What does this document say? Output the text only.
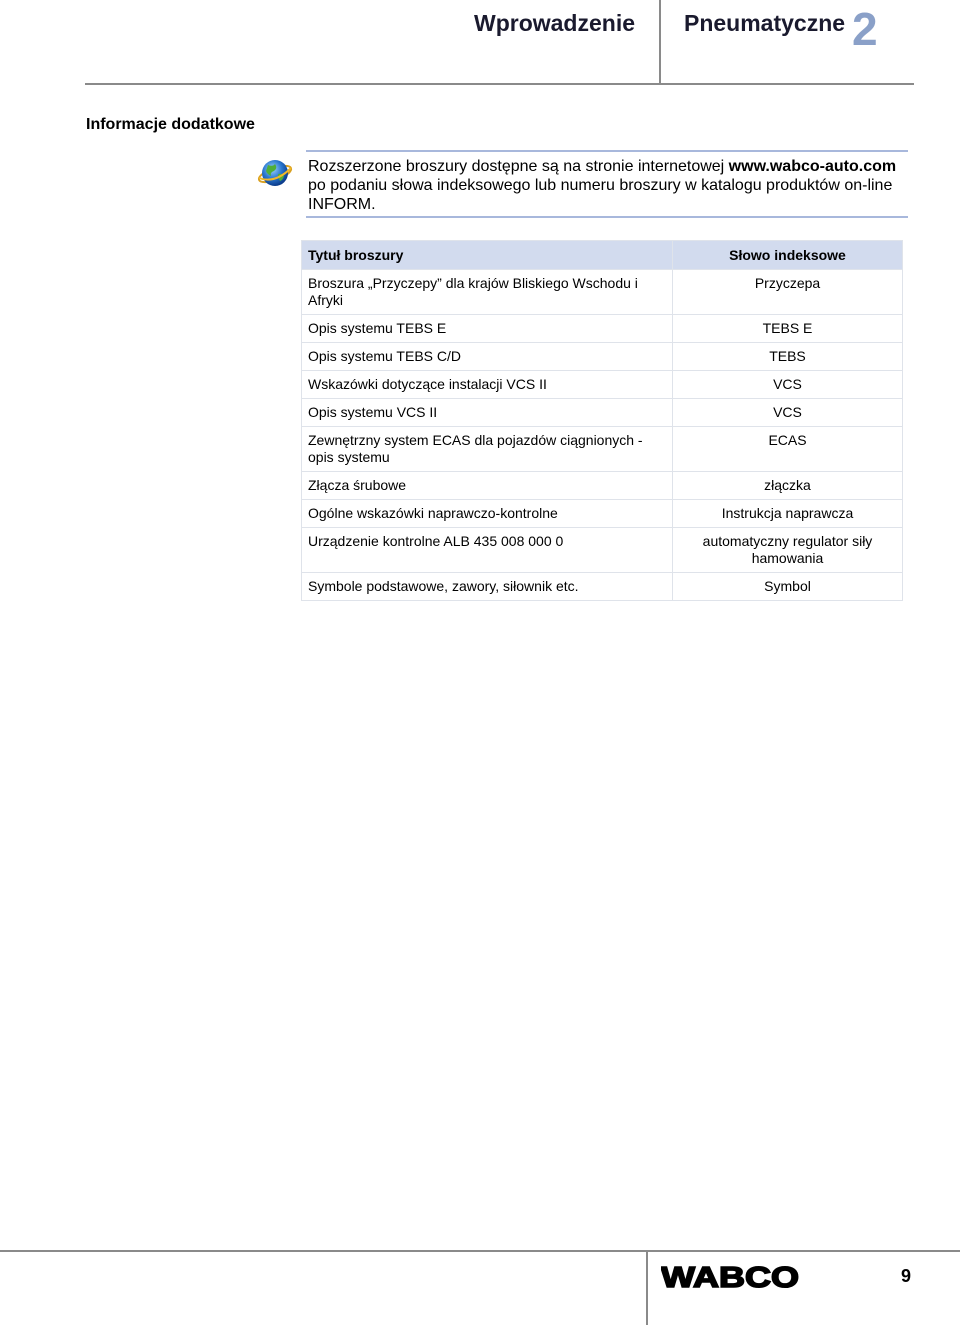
Wprowadzenie Pneumatyczne 2
Informacje dodatkowe
Rozszerzone broszury dostępne są na stronie internetowej www.wabco-auto.com po podaniu słowa indeksowego lub numeru broszury w katalogu produktów on-line INFORM.
Tytuł broszury	Słowo indeksowe
Broszura „Przyczepy” dla krajów Bliskiego Wschodu i Afryki	Przyczepa
Opis systemu TEBS E	TEBS E
Opis systemu TEBS C/D	TEBS
Wskazówki dotyczące instalacji VCS II	VCS
Opis systemu VCS II	VCS
Zewnętrzny system ECAS dla pojazdów ciągnionych - opis systemu	ECAS
Złącza śrubowe	złączka
Ogólne wskazówki naprawczo-kontrolne	Instrukcja naprawcza
Urządzenie kontrolne ALB 435 008 000 0	automatyczny regulator siły hamowania
Symbole podstawowe, zawory, siłownik etc.	Symbol
WABCO	9
